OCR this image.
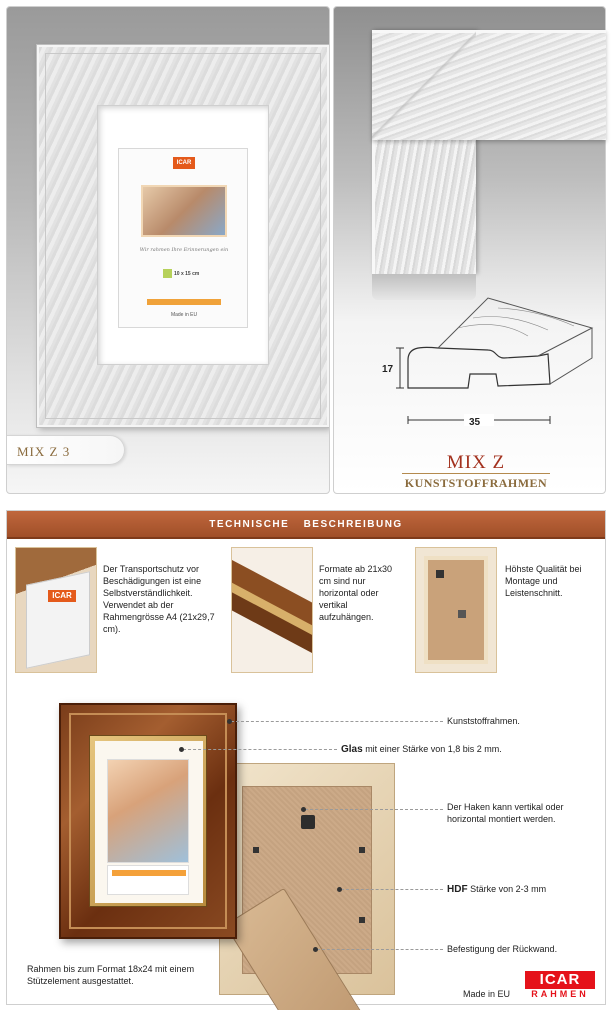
ICAR
Wir rahmen Ihre Erinnerungen ein
10 x 15 cm
Made in EU
MIX Z 3
17
35
MIX Z
KUNSTSTOFFRAHMEN
TECHNISCHE BESCHREIBUNG
ICAR
Der Transportschutz vor Beschädigungen ist eine Selbstverständlichkeit. Verwendet ab der Rahmengrösse A4 (21x29,7 cm).
Formate ab 21x30 cm sind nur horizontal oder vertikal aufzuhängen.
Höhste Qualität bei Montage und Leistenschnitt.
Kunststoffrahmen.
Glas mit einer Stärke von 1,8 bis 2 mm.
Der Haken kann vertikal oder horizontal montiert werden.
HDF Stärke von 2-3 mm
Befestigung der Rückwand.
Rahmen bis zum Format 18x24 mit einem Stützelement ausgestattet.
Made in EU
ICAR
RAHMEN
